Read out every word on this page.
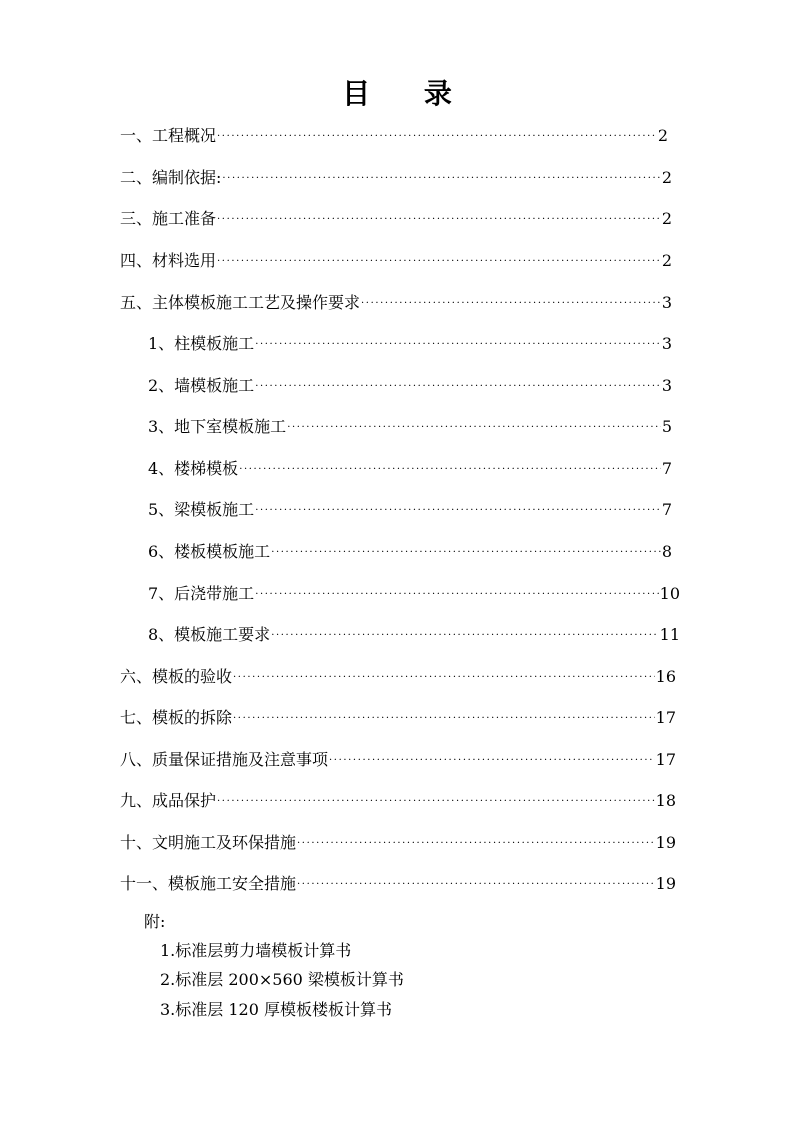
目 录
一、工程概况 ·····	2
二、编制依据: ·····	2
三、施工准备 ·····	2
四、材料选用 ·····	2
五、主体模板施工工艺及操作要求 ·····	3
1、柱模板施工 ·····	3
2、墙模板施工 ·····	3
3、地下室模板施工 ·····	5
4、楼梯模板 ·····	7
5、梁模板施工 ·····	7
6、楼板模板施工 ·····	8
7、后浇带施工 ·····	10
8、模板施工要求 ·····	11
六、模板的验收 ·····	16
七、模板的拆除 ·····	17
八、质量保证措施及注意事项 ·····	17
九、成品保护 ·····	18
十、文明施工及环保措施 ·····	19
十一、模板施工安全措施 ·····	19
附:
1.标准层剪力墙模板计算书
2.标准层 200×560 梁模板计算书
3.标准层 120 厚模板楼板计算书
